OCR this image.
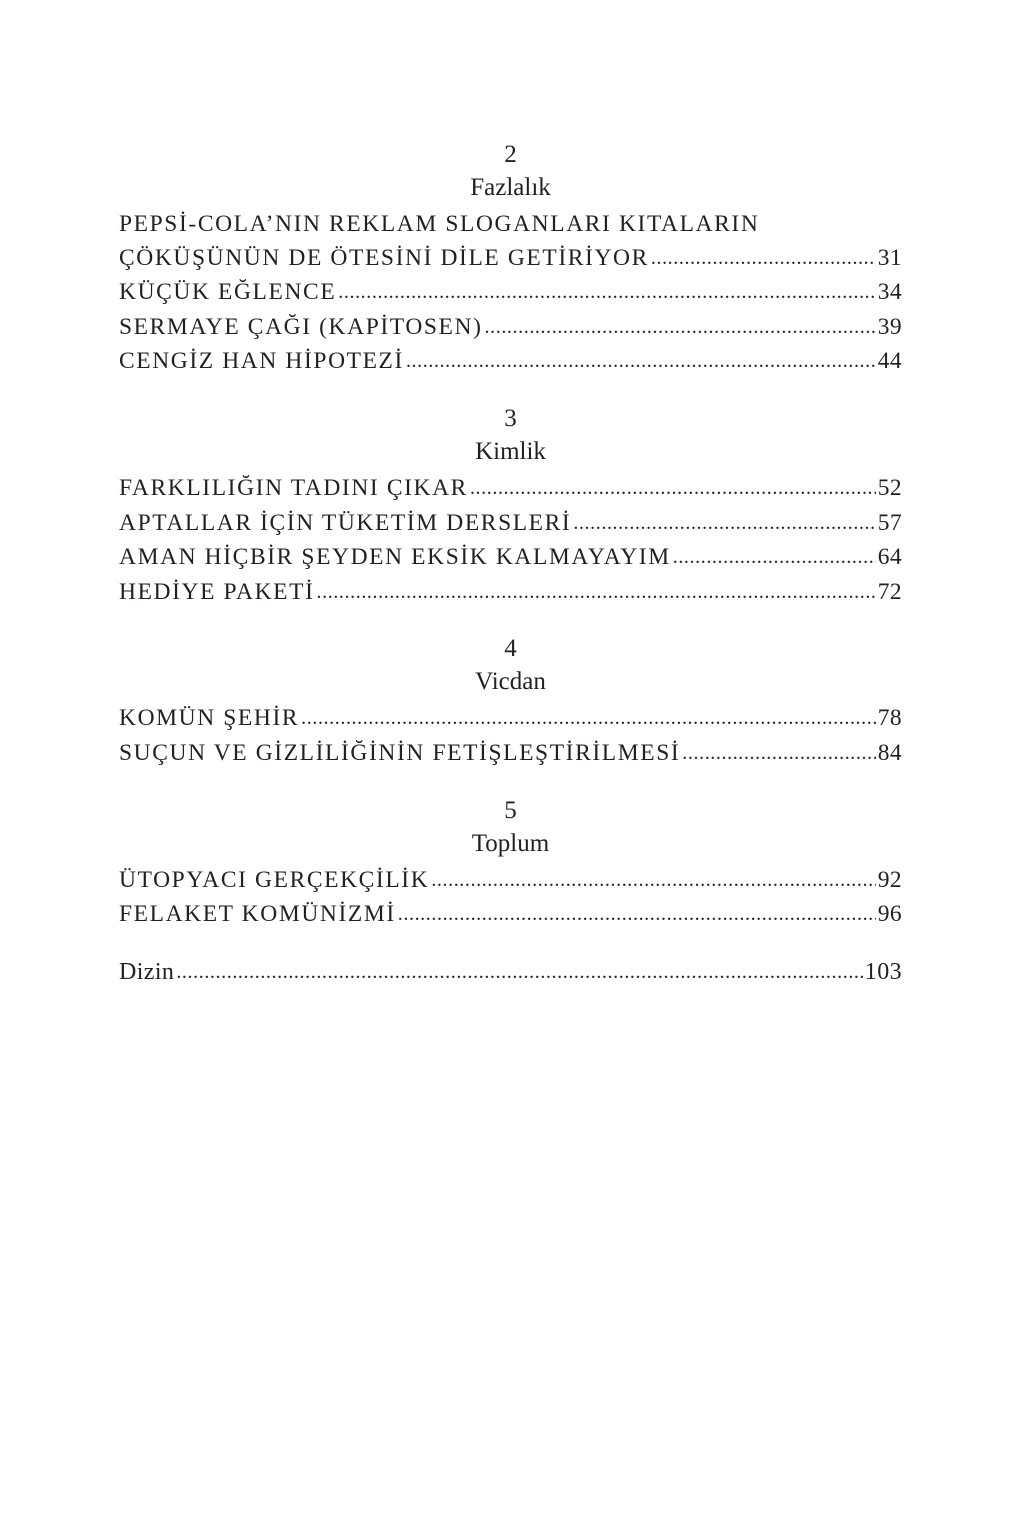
2
Fazlalık
PEPSİ-COLA’NIN REKLAM SLOGANLARI KITALARIN
ÇÖKÜŞÜNÜN DE ÖTESİNİ DİLE GETİRİYOR .....	31
KÜÇÜK EĞLENCE .....	34
SERMAYE ÇAĞI (KAPİTOSEN) .....	39
CENGİZ HAN HİPOTEZİ .....	44
3
Kimlik
FARKLILIĞIN TADINI ÇIKAR .....	52
APTALLAR İÇİN TÜKETİM DERSLERİ .....	57
AMAN HİÇBİR ŞEYDEN EKSİK KALMAYAYIM .....	64
HEDİYE PAKETİ .....	72
4
Vicdan
KOMÜN ŞEHİR .....	78
SUÇUN VE GİZLİLİĞİNİN FETİŞLEŞTİRİLMESİ .....	84
5
Toplum
ÜTOPYACI GERÇEKÇİLİK .....	92
FELAKET KOMÜNİZMİ .....	96
Dizin .....	103
